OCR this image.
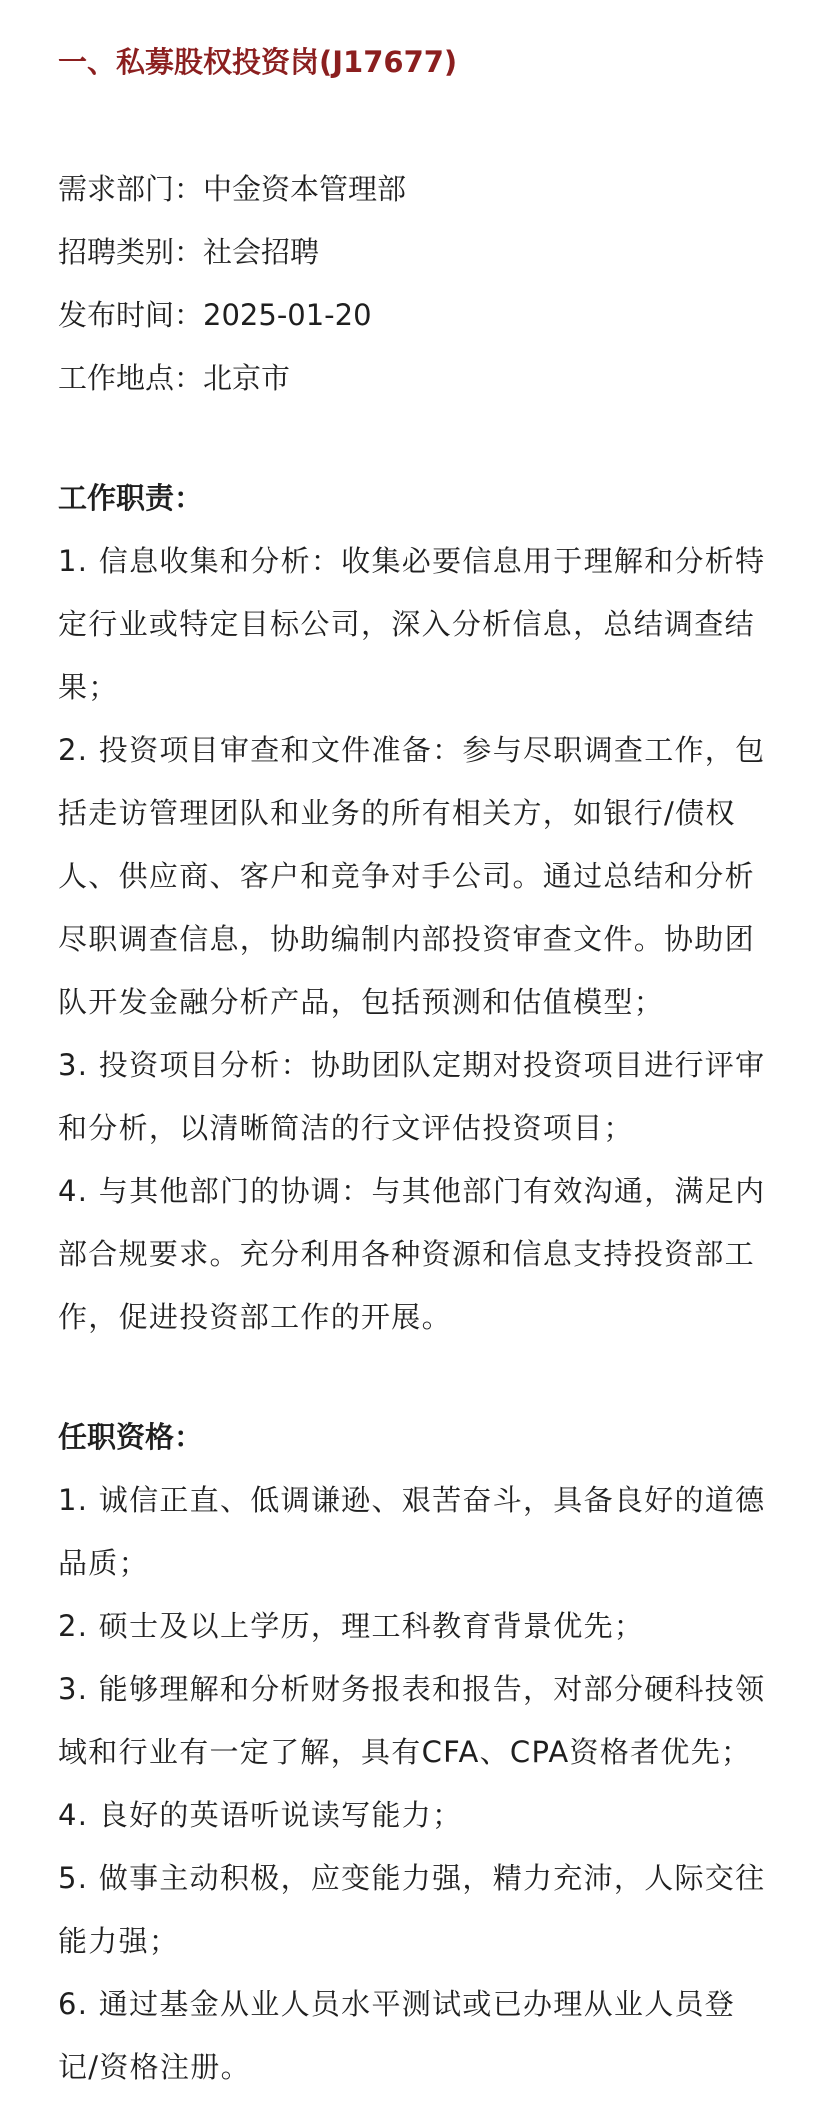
一、私募股权投资岗(J17677)
需求部门：中金资本管理部
招聘类别：社会招聘
发布时间：2025-01-20
工作地点：北京市

工作职责：

1. 信息收集和分析：收集必要信息用于理解和分析特定行业或特定目标公司，深入分析信息，总结调查结果；

2. 投资项目审查和文件准备：参与尽职调查工作，包括走访管理团队和业务的所有相关方，如银行/债权人、供应商、客户和竞争对手公司。通过总结和分析尽职调查信息，协助编制内部投资审查文件。协助团队开发金融分析产品，包括预测和估值模型；

3. 投资项目分析：协助团队定期对投资项目进行评审和分析，以清晰简洁的行文评估投资项目；

4. 与其他部门的协调：与其他部门有效沟通，满足内部合规要求。充分利用各种资源和信息支持投资部工作，促进投资部工作的开展。

任职资格：

1. 诚信正直、低调谦逊、艰苦奋斗，具备良好的道德品质；

2. 硕士及以上学历，理工科教育背景优先；

3. 能够理解和分析财务报表和报告，对部分硬科技领域和行业有一定了解，具有CFA、CPA资格者优先；

4. 良好的英语听说读写能力；

5. 做事主动积极，应变能力强，精力充沛，人际交往能力强；

6. 通过基金从业人员水平测试或已办理从业人员登记/资格注册。
